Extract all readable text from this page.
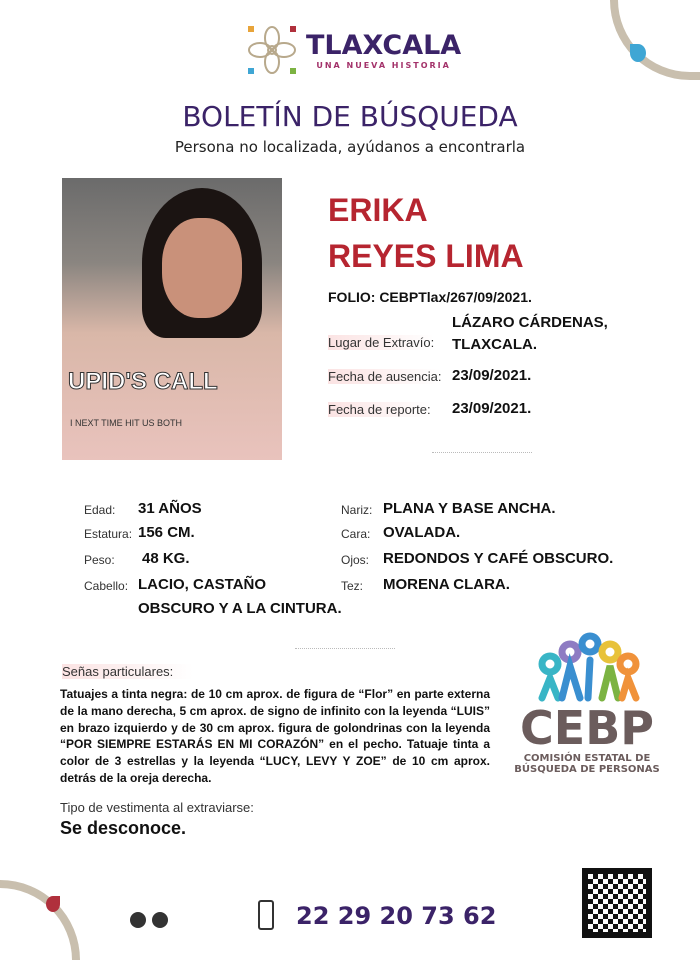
TLAXCALA
UNA NUEVA HISTORIA
BOLETÍN DE BÚSQUEDA
Persona no localizada, ayúdanos a encontrarla
UPID'S CALL
I NEXT TIME HIT US BOTH
ERIKA
REYES LIMA
FOLIO: CEBPTlax/267/09/2021.
LÁZARO CÁRDENAS,
Lugar de Extravío: TLAXCALA.
Fecha de ausencia: 23/09/2021.
Fecha de reporte: 23/09/2021.
Edad: 31 AÑOS
Estatura: 156 CM.
Peso: 48 KG.
Cabello: LACIO, CASTAÑO
OBSCURO Y A LA CINTURA.
Nariz: PLANA Y BASE ANCHA.
Cara: OVALADA.
Ojos: REDONDOS Y CAFÉ OBSCURO.
Tez: MORENA CLARA.
Señas particulares:
Tatuajes a tinta negra: de 10 cm aprox. de figura de “Flor” en parte externa de la mano derecha, 5 cm aprox. de signo de infinito con la leyenda “LUIS” en brazo izquierdo y de 30 cm aprox. figura de golondrinas con la leyenda “POR SIEMPRE ESTARÁS EN MI CORAZÓN” en el pecho. Tatuaje tinta a color de 3 estrellas y la leyenda “LUCY, LEVY Y ZOE” de 10 cm aprox. detrás de la oreja derecha.
Tipo de vestimenta al extraviarse:
Se desconoce.
CEBP
COMISIÓN ESTATAL DE
BÚSQUEDA DE PERSONAS
22 29 20 73 62
